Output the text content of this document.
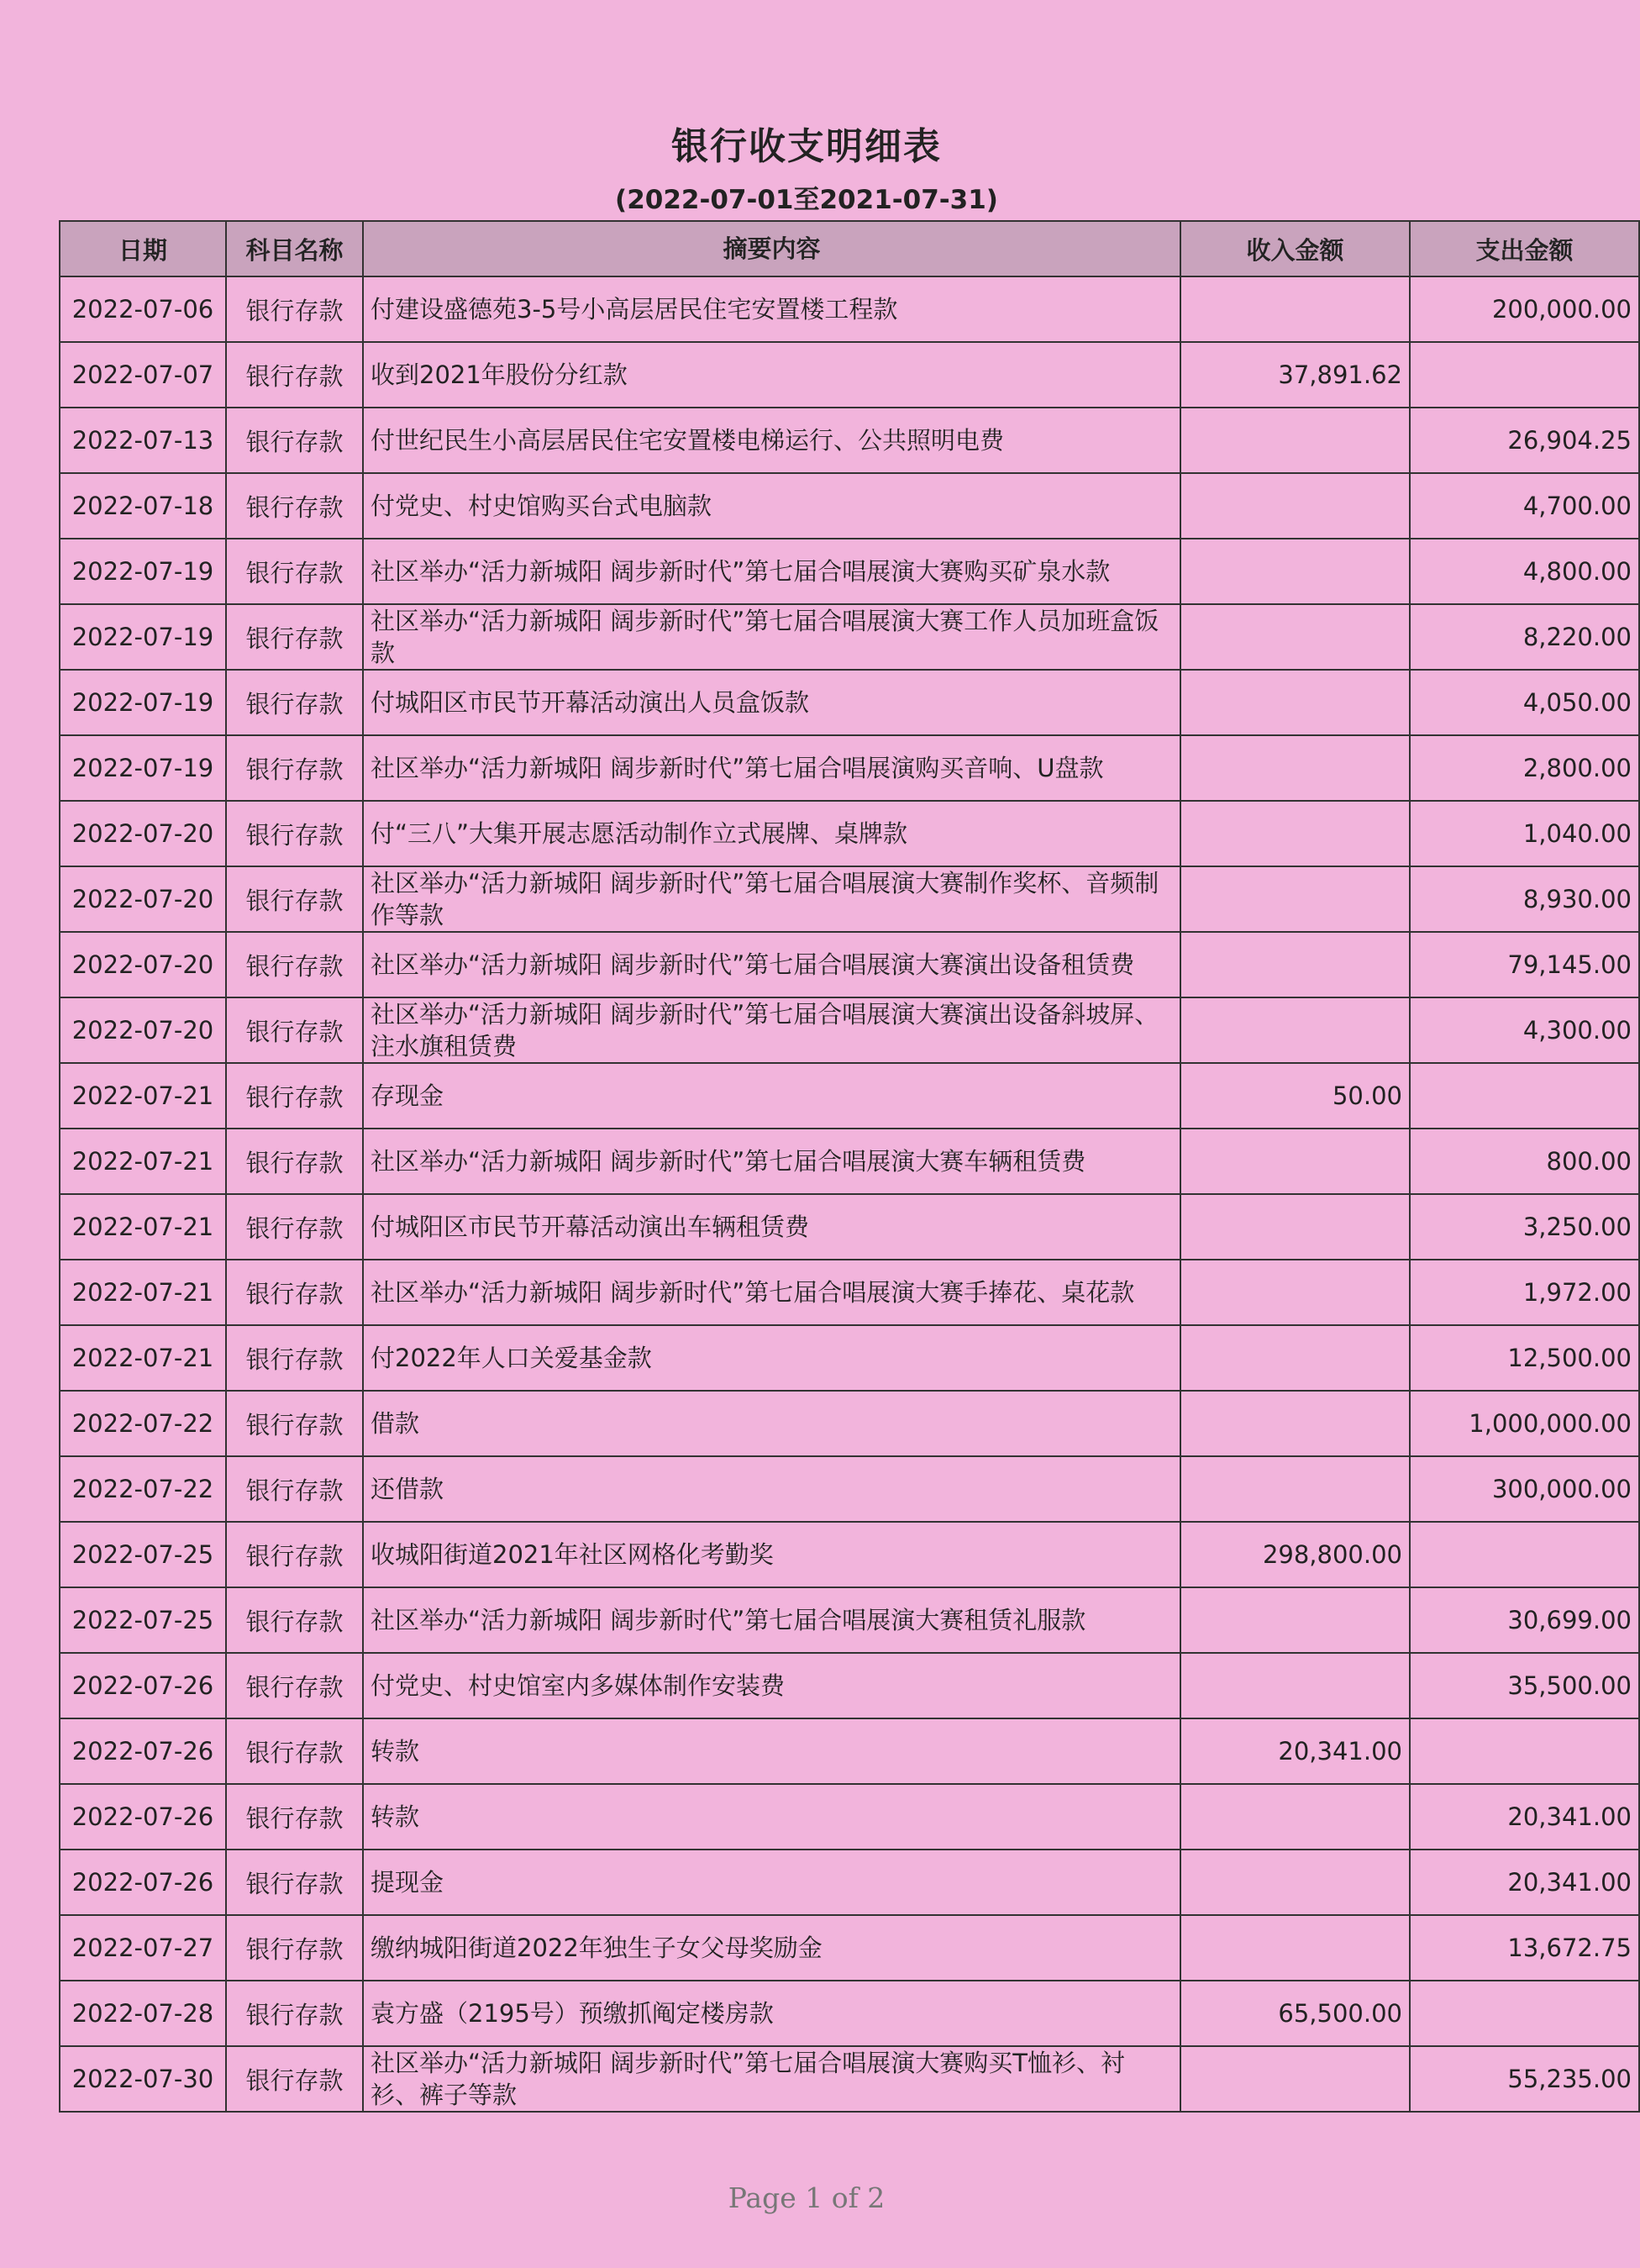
银行收支明细表
(2022-07-01至2021-07-31)
日期	科目名称	摘要内容	收入金额	支出金额
2022-07-06	银行存款	付建设盛德苑3-5号小高层居民住宅安置楼工程款		200,000.00
2022-07-07	银行存款	收到2021年股份分红款	37,891.62	
2022-07-13	银行存款	付世纪民生小高层居民住宅安置楼电梯运行、公共照明电费		26,904.25
2022-07-18	银行存款	付党史、村史馆购买台式电脑款		4,700.00
2022-07-19	银行存款	社区举办“活力新城阳 阔步新时代”第七届合唱展演大赛购买矿泉水款		4,800.00
2022-07-19	银行存款	社区举办“活力新城阳 阔步新时代”第七届合唱展演大赛工作人员加班盒饭款		8,220.00
2022-07-19	银行存款	付城阳区市民节开幕活动演出人员盒饭款		4,050.00
2022-07-19	银行存款	社区举办“活力新城阳 阔步新时代”第七届合唱展演购买音响、U盘款		2,800.00
2022-07-20	银行存款	付“三八”大集开展志愿活动制作立式展牌、桌牌款		1,040.00
2022-07-20	银行存款	社区举办“活力新城阳 阔步新时代”第七届合唱展演大赛制作奖杯、音频制作等款		8,930.00
2022-07-20	银行存款	社区举办“活力新城阳 阔步新时代”第七届合唱展演大赛演出设备租赁费		79,145.00
2022-07-20	银行存款	社区举办“活力新城阳 阔步新时代”第七届合唱展演大赛演出设备斜坡屏、注水旗租赁费		4,300.00
2022-07-21	银行存款	存现金	50.00	
2022-07-21	银行存款	社区举办“活力新城阳 阔步新时代”第七届合唱展演大赛车辆租赁费		800.00
2022-07-21	银行存款	付城阳区市民节开幕活动演出车辆租赁费		3,250.00
2022-07-21	银行存款	社区举办“活力新城阳 阔步新时代”第七届合唱展演大赛手捧花、桌花款		1,972.00
2022-07-21	银行存款	付2022年人口关爱基金款		12,500.00
2022-07-22	银行存款	借款		1,000,000.00
2022-07-22	银行存款	还借款		300,000.00
2022-07-25	银行存款	收城阳街道2021年社区网格化考勤奖	298,800.00	
2022-07-25	银行存款	社区举办“活力新城阳 阔步新时代”第七届合唱展演大赛租赁礼服款		30,699.00
2022-07-26	银行存款	付党史、村史馆室内多媒体制作安装费		35,500.00
2022-07-26	银行存款	转款	20,341.00	
2022-07-26	银行存款	转款		20,341.00
2022-07-26	银行存款	提现金		20,341.00
2022-07-27	银行存款	缴纳城阳街道2022年独生子女父母奖励金		13,672.75
2022-07-28	银行存款	袁方盛（2195号）预缴抓阄定楼房款	65,500.00	
2022-07-30	银行存款	社区举办“活力新城阳 阔步新时代”第七届合唱展演大赛购买T恤衫、衬衫、裤子等款		55,235.00
Page 1 of 2
